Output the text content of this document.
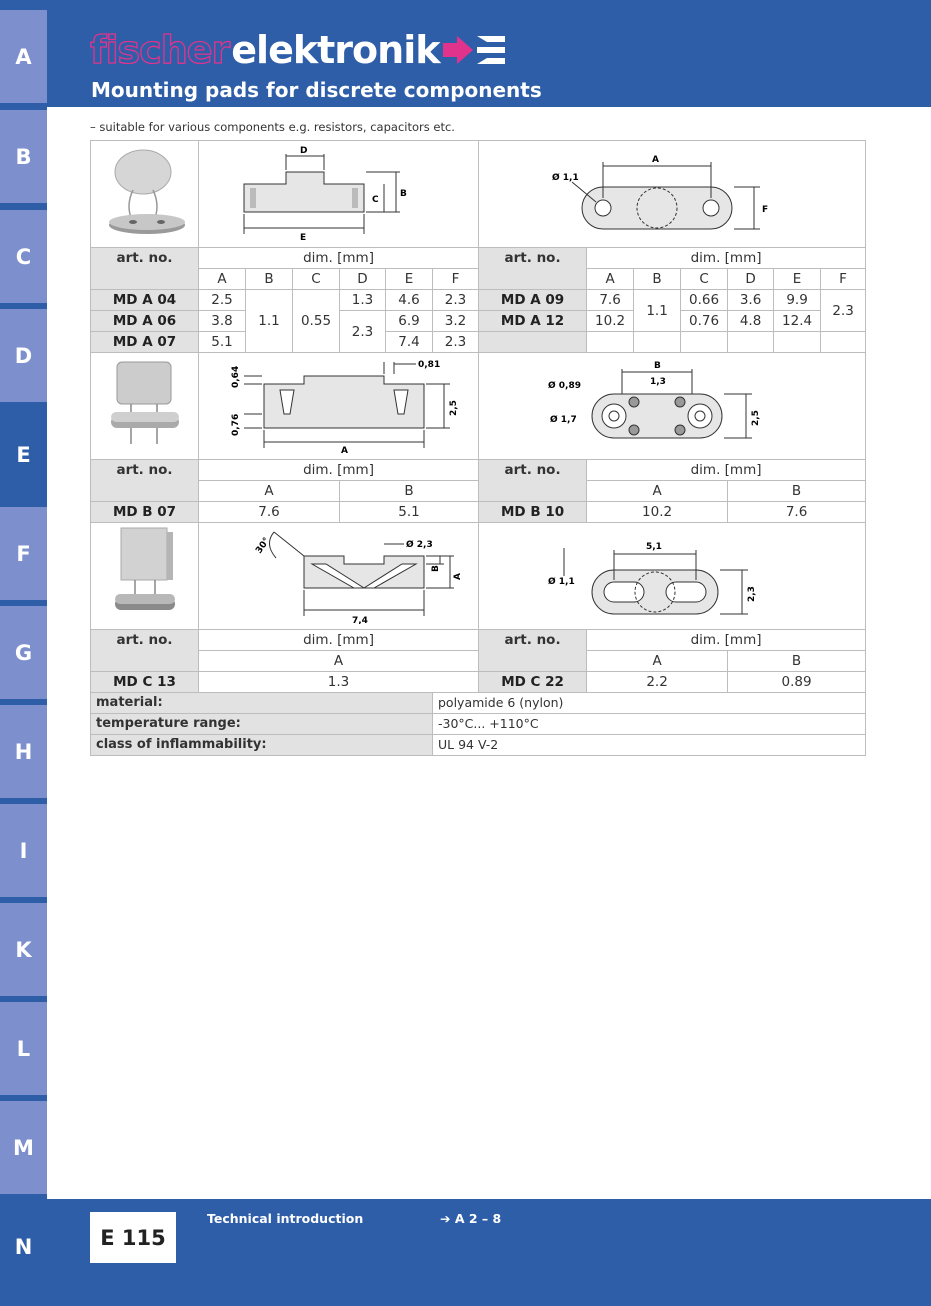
fischer elektronik
Mounting pads for discrete components
A
B
C
D
E
F
G
H
I
K
L
M
N
– suitable for various components e.g. resistors, capacitors etc.

D
E
C
B						Ø 1,1
A
F						

art. no.	dim. [mm]						art. no.	dim. [mm]					
	A	B	C	D	E	F		A	B	C	D	E	F
MD A 04	2.5	1.1	0.55	1.3	4.6	2.3	MD A 09	7.6	1.1	0.66	3.6	9.9	2.3
MD A 06	3.8			2.3	6.9	3.2	MD A 12	10.2		0.76	4.8	12.4	
MD A 07	5.1				7.4	2.3							

0,64
0,76
0,81
2,5
A						Ø 0,89
Ø 1,7
B
1,3
2,5						

art. no.	dim. [mm]						art. no.	dim. [mm]					
	A			B				A			B		
MD B 07	7.6			5.1			MD B 10	10.2			7.6		

30° Ø 2,3
B
A
7,4						Ø 1,1
5,1
2,3						

art. no.	dim. [mm]						art. no.	dim. [mm]					
	A							A			B		
MD C 13	1.3						MD C 22	2.2			0.89		
material:						polyamide 6 (nylon)							
temperature range:						-30°C... +110°C							
class of inflammability:						UL 94 V-2							
E 115
Technical introduction	➔ A 2 – 8
